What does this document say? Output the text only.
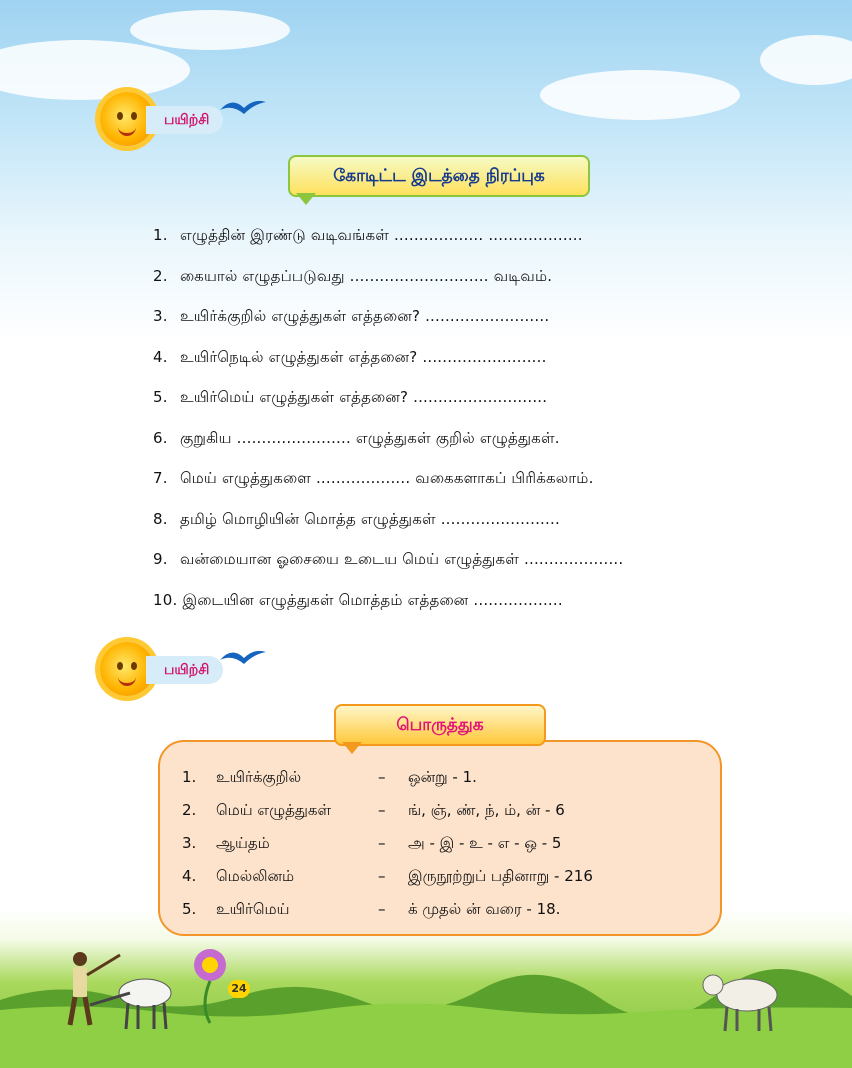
பயிற்சி
கோடிட்ட இடத்தை நிரப்புக
1. எழுத்தின் இரண்டு வடிவங்கள் .................. ...................
2. கையால் எழுதப்படுவது ............................ வடிவம்.
3. உயிர்க்குறில் எழுத்துகள் எத்தனை? .........................
4. உயிர்நெடில் எழுத்துகள் எத்தனை? .........................
5. உயிர்மெய் எழுத்துகள் எத்தனை? ...........................
6. குறுகிய ....................... எழுத்துகள் குறில் எழுத்துகள்.
7. மெய் எழுத்துகளை ................... வகைகளாகப் பிரிக்கலாம்.
8. தமிழ் மொழியின் மொத்த எழுத்துகள் ........................
9. வன்மையான ஓசையை உடைய மெய் எழுத்துகள் ....................
10. இடையின எழுத்துகள் மொத்தம் எத்தனை ..................
பயிற்சி
1. உயிர்க்குறில்	– ஒன்று - 1.
2. மெய் எழுத்துகள்	– ங், ஞ், ண், ந், ம், ன் - 6
3. ஆய்தம்	– அ - இ - உ - எ - ஒ - 5
4. மெல்லினம்	– இருநூற்றுப் பதினாறு - 216
5. உயிர்மெய்	– க் முதல் ன் வரை - 18.
பொருத்துக
24
